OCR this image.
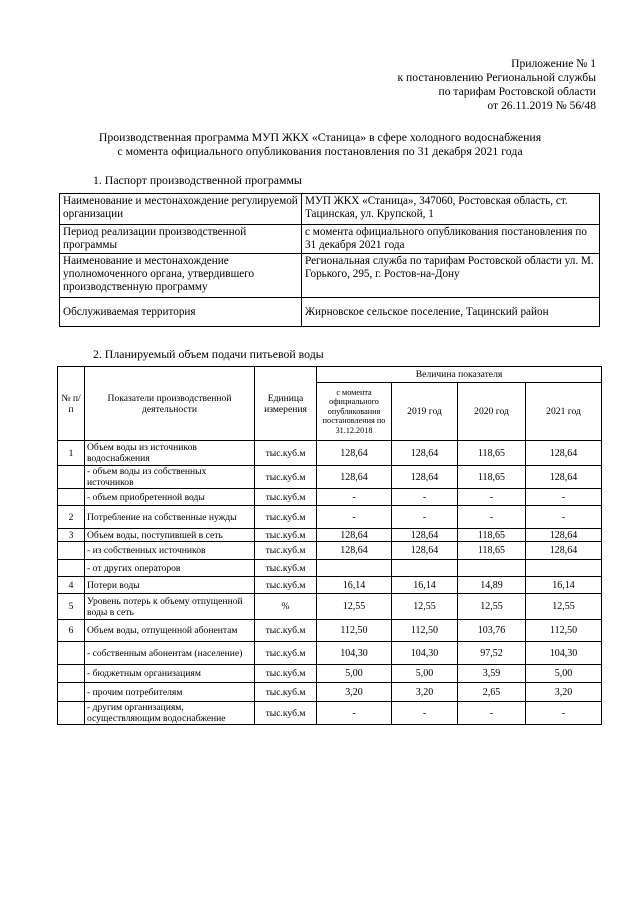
Приложение № 1
к постановлению Региональной службы
по тарифам Ростовской области
от 26.11.2019 № 56/48
Производственная программа МУП ЖКХ «Станица» в сфере холодного водоснабжения
с момента официального опубликования постановления по 31 декабря 2021 года
1. Паспорт производственной программы
Наименование и местонахождение регулируемой организации	МУП ЖКХ «Станица», 347060, Ростовская область, ст. Тацинская, ул. Крупской, 1
Период реализации производственной программы	с момента официального опубликования постановления по 31 декабря 2021 года
Наименование и местонахождение уполномоченного органа, утвердившего производственную программу	Региональная служба по тарифам Ростовской области ул. М. Горького, 295, г. Ростов-на-Дону
Обслуживаемая территория	Жирновское сельское поселение, Тацинский район
2. Планируемый объем подачи питьевой воды
№ п/п	Показатели производственной деятельности	Единица измерения	Величина показателя			
			с момента официального опубликования постановления по 31.12.2018	2019 год	2020 год	2021 год
1	Объем воды из источников водоснабжения	тыс.куб.м	128,64	128,64	118,65	128,64
	- объем воды из собственных источников	тыс.куб.м	128,64	128,64	118,65	128,64
	- объем приобретенной воды	тыс.куб.м	-	-	-	-
2	Потребление на собственные нужды	тыс.куб.м	-	-	-	-
3	Объем воды, поступившей в сеть	тыс.куб.м	128,64	128,64	118,65	128,64
	- из собственных источников	тыс.куб.м	128,64	128,64	118,65	128,64
	- от других операторов	тыс.куб.м				
4	Потери воды	тыс.куб.м	16,14	16,14	14,89	16,14
5	Уровень потерь к объему отпущенной воды в сеть	%	12,55	12,55	12,55	12,55
6	Объем воды, отпущенной абонентам	тыс.куб.м	112,50	112,50	103,76	112,50
	- собственным абонентам (население)	тыс.куб.м	104,30	104,30	97,52	104,30
	- бюджетным организациям	тыс.куб.м	5,00	5,00	3,59	5,00
	- прочим потребителям	тыс.куб.м	3,20	3,20	2,65	3,20
	- другим организациям, осуществляющим водоснабжение	тыс.куб.м	-	-	-	-
